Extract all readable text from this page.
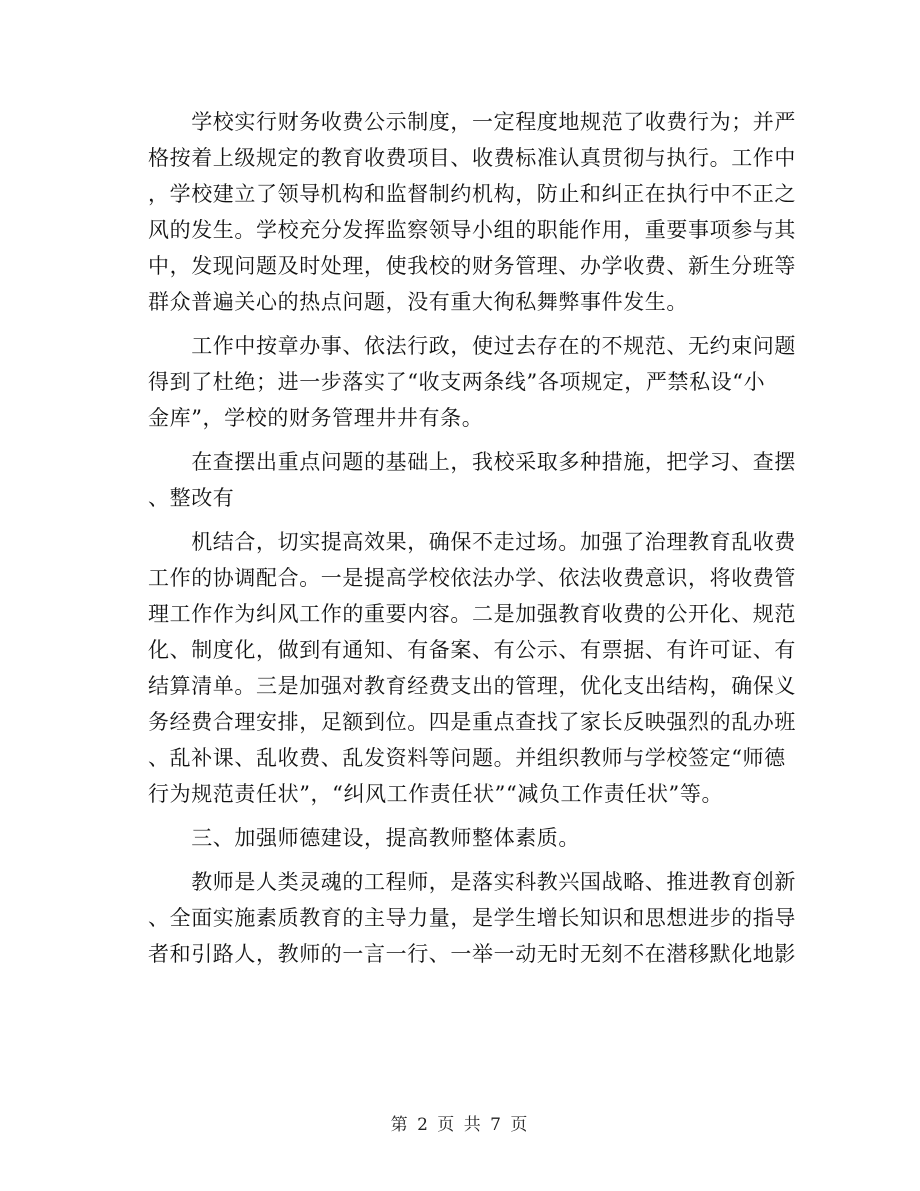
　　学校实行财务收费公示制度，一定程度地规范了收费行为；并严
格按着上级规定的教育收费项目、收费标准认真贯彻与执行。工作中
，学校建立了领导机构和监督制约机构，防止和纠正在执行中不正之
风的发生。学校充分发挥监察领导小组的职能作用，重要事项参与其
中，发现问题及时处理，使我校的财务管理、办学收费、新生分班等
群众普遍关心的热点问题，没有重大徇私舞弊事件发生。
　　工作中按章办事、依法行政，使过去存在的不规范、无约束问题
得到了杜绝；进一步落实了“收支两条线”各项规定，严禁私设“小
金库”，学校的财务管理井井有条。
　　在查摆出重点问题的基础上，我校采取多种措施，把学习、查摆
、整改有
　　机结合，切实提高效果，确保不走过场。加强了治理教育乱收费
工作的协调配合。一是提高学校依法办学、依法收费意识，将收费管
理工作作为纠风工作的重要内容。二是加强教育收费的公开化、规范
化、制度化，做到有通知、有备案、有公示、有票据、有许可证、有
结算清单。三是加强对教育经费支出的管理，优化支出结构，确保义
务经费合理安排，足额到位。四是重点查找了家长反映强烈的乱办班
、乱补课、乱收费、乱发资料等问题。并组织教师与学校签定“师德
行为规范责任状”，“纠风工作责任状”“减负工作责任状”等。
　　三、加强师德建设，提高教师整体素质。
　　教师是人类灵魂的工程师，是落实科教兴国战略、推进教育创新
、全面实施素质教育的主导力量，是学生增长知识和思想进步的指导
者和引路人，教师的一言一行、一举一动无时无刻不在潜移默化地影
第 2 页 共 7 页
